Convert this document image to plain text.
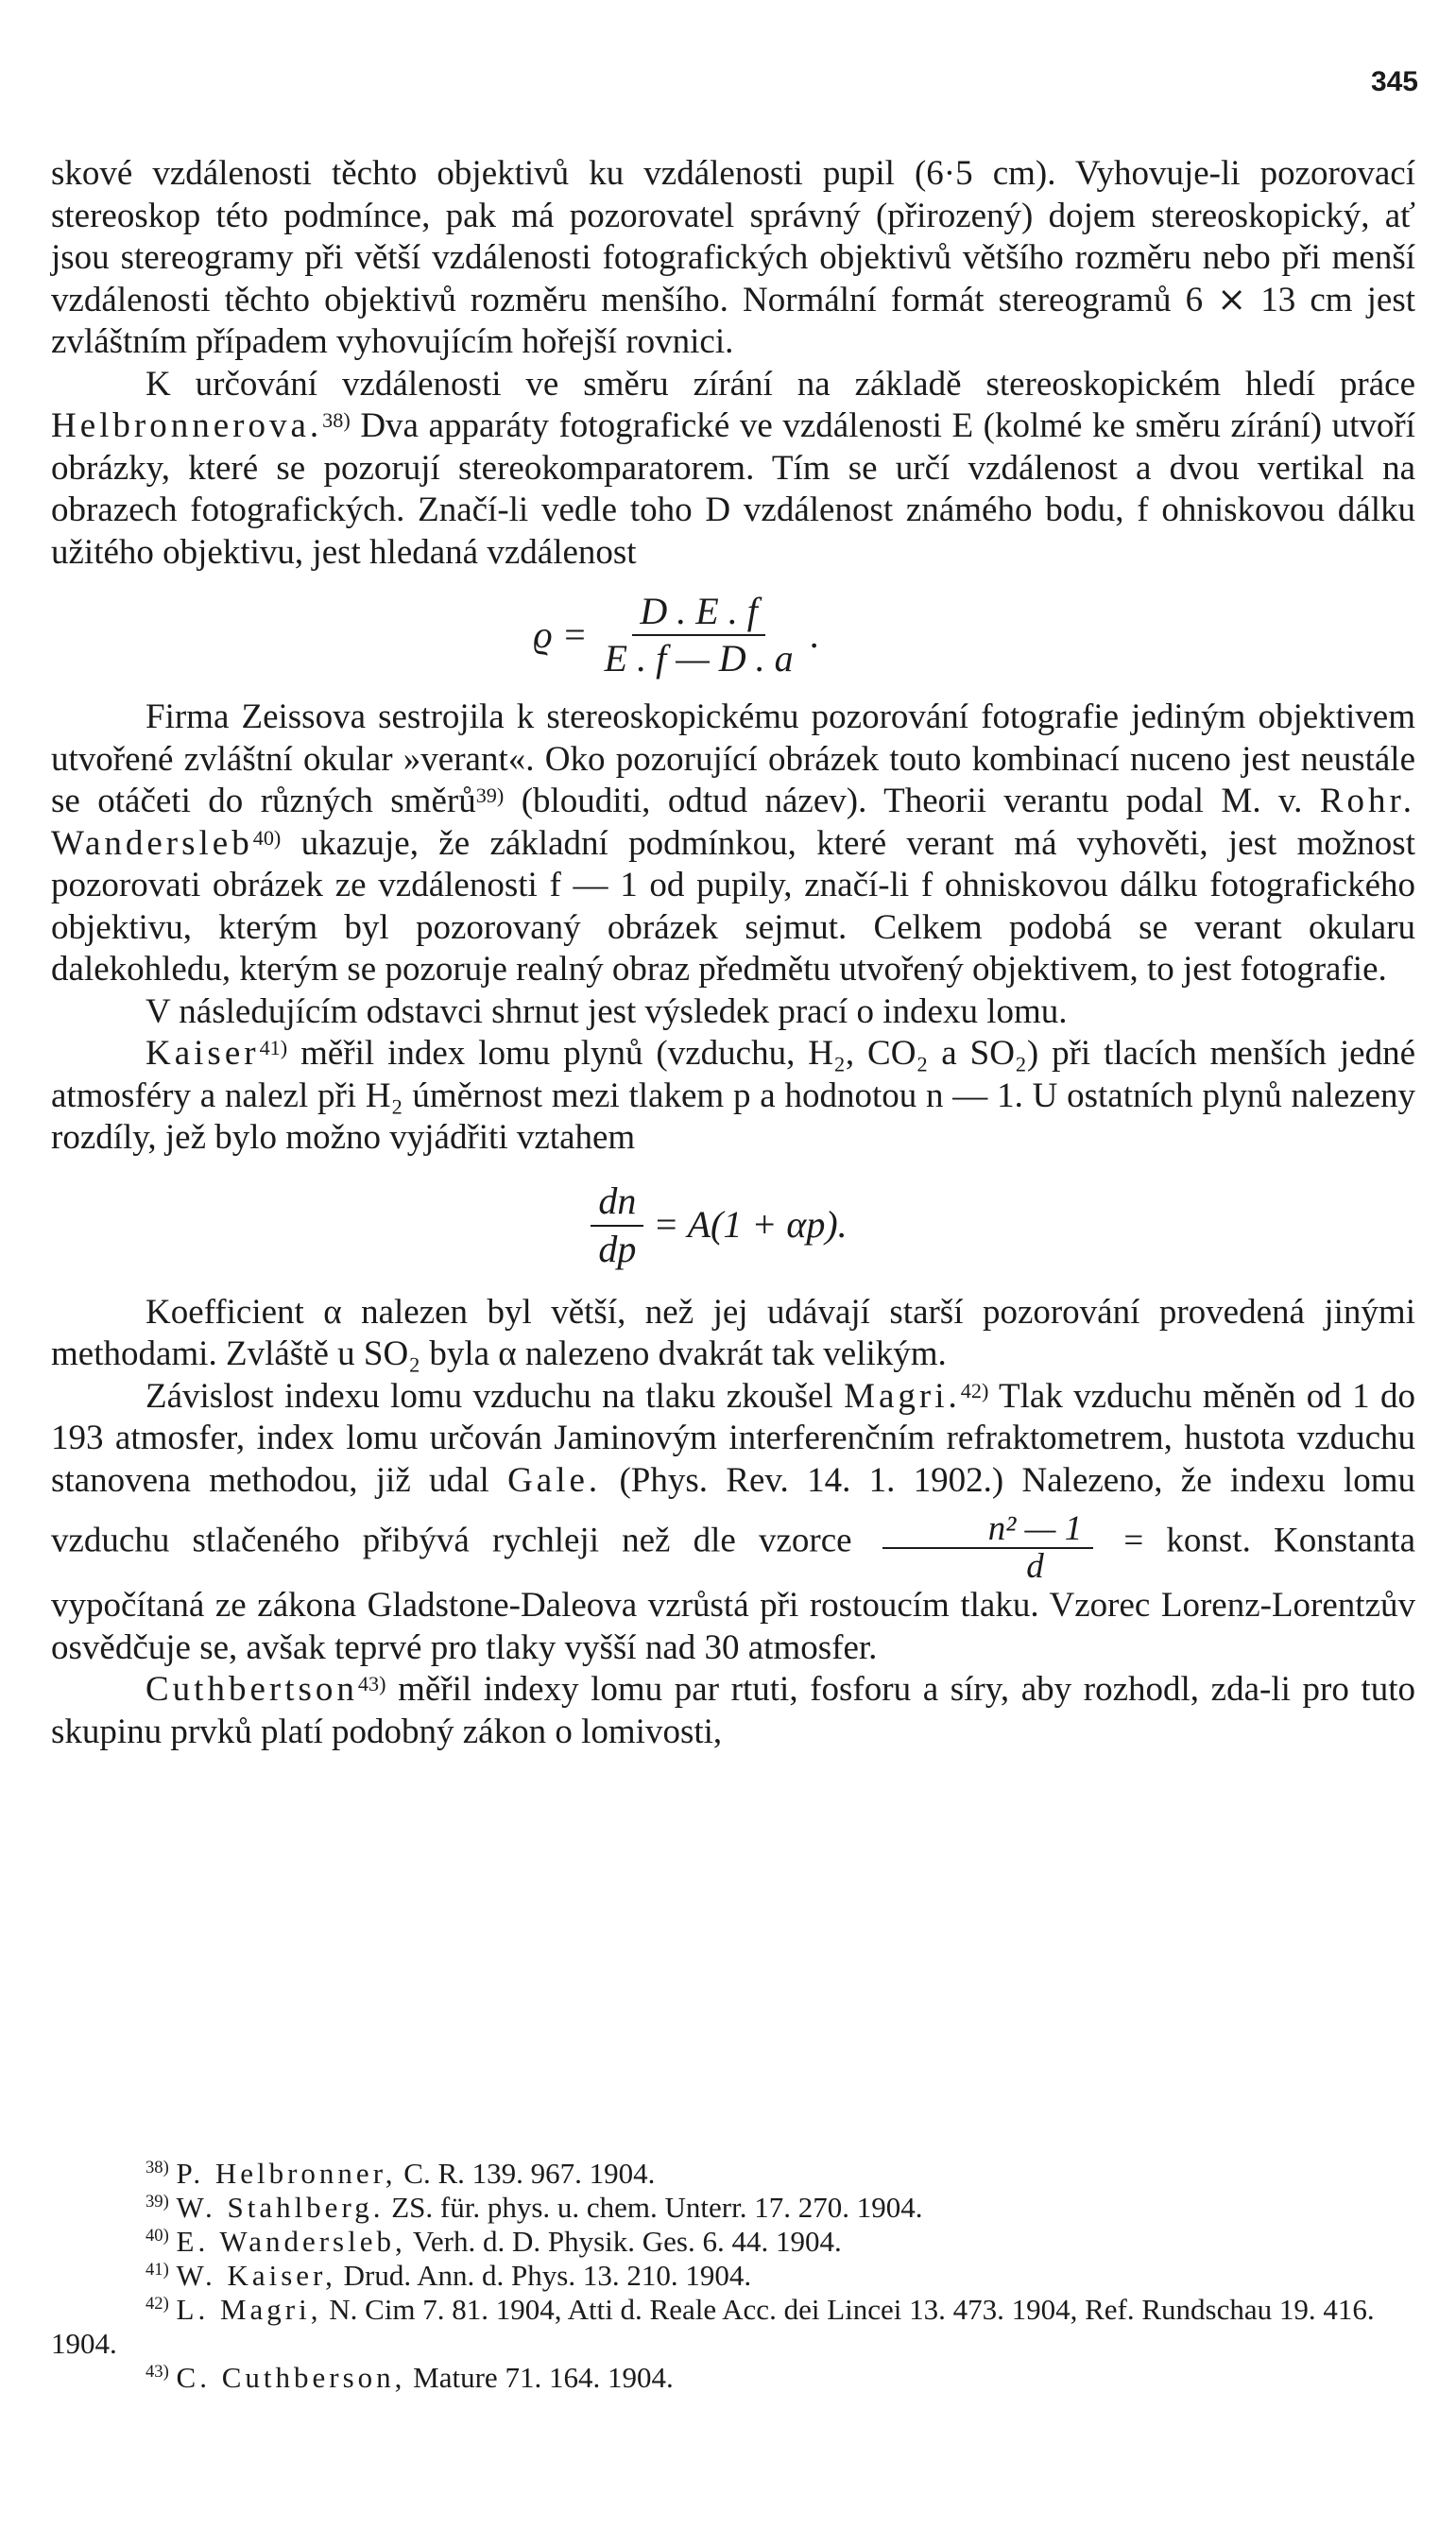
345

skové vzdálenosti těchto objektivů ku vzdálenosti pupil (6·5 cm). Vyhovuje-li pozorovací stereoskop této podmínce, pak má pozorovatel správný (přirozený) dojem stereoskopický, ať jsou stereogramy při větší vzdálenosti fotografických objektivů většího rozměru nebo při menší vzdálenosti těchto objektivů rozměru menšího. Normální formát stereogramů 6 ⨯ 13 cm jest zvláštním případem vyhovujícím hořejší rovnici.

K určování vzdálenosti ve směru zírání na základě stereoskopickém hledí práce Helbronnerova.$^{38)}$ Dva apparáty fotografické ve vzdálenosti E (kolmé ke směru zírání) utvoří obrázky, které se pozorují stereokomparatorem. Tím se určí vzdálenost a dvou vertikal na obrazech fotografických. Značí-li vedle toho D vzdálenost známého bodu, f ohniskovou dálku užitého objektivu, jest hledaná vzdálenost

$ϱ = \frac{D . E . f}{E . f — D . a}$ .

Firma Zeissova sestrojila k stereoskopickému pozorování fotografie jediným objektivem utvořené zvláštní okular »verant«. Oko pozorující obrázek touto kombinací nuceno jest neustále se otáčeti do různých směrů$^{39)}$ (blouditi, odtud název). Theorii verantu podal M. v. Rohr. Wandersleb$^{40)}$ ukazuje, že základní podmínkou, které verant má vyhověti, jest možnost pozorovati obrázek ze vzdálenosti f — 1 od pupily, značí-li f ohniskovou dálku fotografického objektivu, kterým byl pozorovaný obrázek sejmut. Celkem podobá se verant okularu dalekohledu, kterým se pozoruje realný obraz předmětu utvořený objektivem, to jest fotografie.

V následujícím odstavci shrnut jest výsledek prací o indexu lomu.

Kaiser$^{41)}$ měřil index lomu plynů (vzduchu, H₂, CO₂ a SO₂) při tlacích menších jedné atmosféry a nalezl při H₂ úměrnost mezi tlakem p a hodnotou n — 1. U ostatních plynů nalezeny rozdíly, jež bylo možno vyjádřiti vztahem

$\frac{dn}{dp} = A(1 + \alpha p)$.

Koefficient α nalezen byl větší, než jej udávají starší pozorování provedená jinými methodami. Zvláště u SO₂ byla α nalezeno dvakrát tak velikým.

Závislost indexu lomu vzduchu na tlaku zkoušel Magri.$^{42)}$ Tlak vzduchu měněn od 1 do 193 atmosfer, index lomu určován Jaminovým interferenčním refraktometrem, hustota vzduchu stanovena methodou, již udal Gale. (Phys. Rev. 14. 1. 1902.) Nalezeno, že indexu lomu vzduchu stlačeného přibývá rychleji než dle vzorce $\frac{\text{n² — 1}}{d}$ = konst. Konstanta vypočítaná ze zákona Gladstone-Daleova vzrůstá při rostoucím tlaku. Vzorec Lorenz-Lorentzův osvědčuje se, avšak teprvé pro tlaky vyšší nad 30 atmosfer.

Cuthbertson$^{43)}$ měřil indexy lomu par rtuti, fosforu a síry, aby rozhodl, zda-li pro tuto skupinu prvků platí podobný zákon o lomivosti,

$^{38)}$ P. Helbronner, C. R. 139. 967. 1904.

$^{39)}$ W. Stahlberg. ZS. für. phys. u. chem. Unterr. 17. 270. 1904.

$^{40)}$ E. Wandersleb, Verh. d. D. Physik. Ges. 6. 44. 1904.

$^{41)}$ W. Kaiser, Drud. Ann. d. Phys. 13. 210. 1904.

$^{42)}$ L. Magri, N. Cim 7. 81. 1904, Atti d. Reale Acc. dei Lincei 13. 473. 1904, Ref. Rundschau 19. 416. 1904.

$^{43)}$ C. Cuthberson, Mature 71. 164. 1904.
